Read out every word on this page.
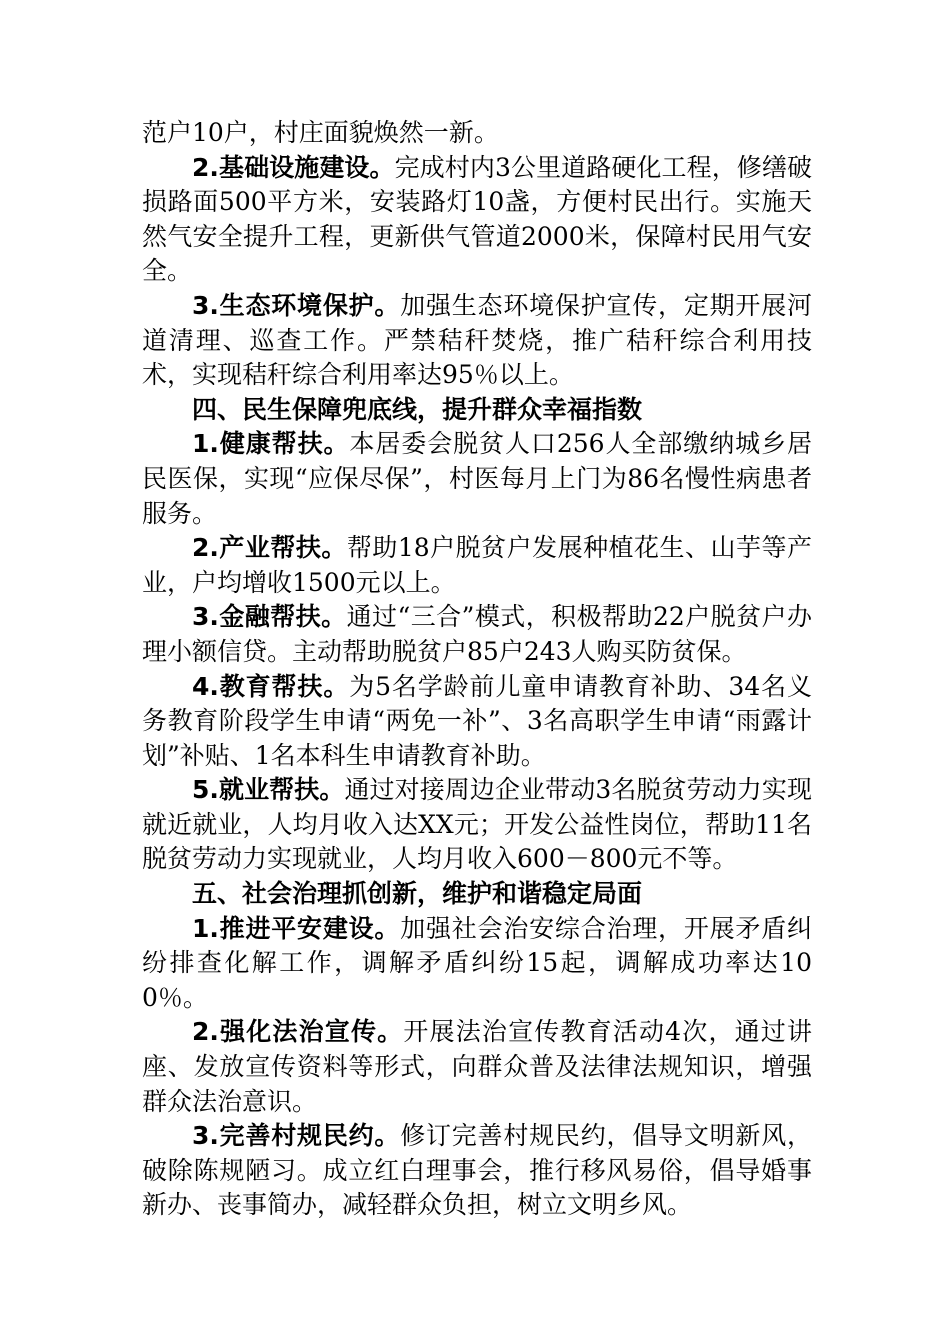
范户10户，村庄面貌焕然一新。

2.基础设施建设。完成村内3公里道路硬化工程，修缮破损路面500平方米，安装路灯10盏，方便村民出行。实施天然气安全提升工程，更新供气管道2000米，保障村民用气安全。

3.生态环境保护。加强生态环境保护宣传，定期开展河道清理、巡查工作。严禁秸秆焚烧，推广秸秆综合利用技术，实现秸秆综合利用率达95％以上。

四、民生保障兜底线，提升群众幸福指数

1.健康帮扶。本居委会脱贫人口256人全部缴纳城乡居民医保，实现“应保尽保”，村医每月上门为86名慢性病患者服务。

2.产业帮扶。帮助18户脱贫户发展种植花生、山芋等产业，户均增收1500元以上。

3.金融帮扶。通过“三合”模式，积极帮助22户脱贫户办理小额信贷。主动帮助脱贫户85户243人购买防贫保。

4.教育帮扶。为5名学龄前儿童申请教育补助、34名义务教育阶段学生申请“两免一补”、3名高职学生申请“雨露计划”补贴、1名本科生申请教育补助。

5.就业帮扶。通过对接周边企业带动3名脱贫劳动力实现就近就业，人均月收入达XX元；开发公益性岗位，帮助11名脱贫劳动力实现就业，人均月收入600－800元不等。

五、社会治理抓创新，维护和谐稳定局面

1.推进平安建设。加强社会治安综合治理，开展矛盾纠纷排查化解工作，调解矛盾纠纷15起，调解成功率达100％。

2.强化法治宣传。开展法治宣传教育活动4次，通过讲座、发放宣传资料等形式，向群众普及法律法规知识，增强群众法治意识。

3.完善村规民约。修订完善村规民约，倡导文明新风，破除陈规陋习。成立红白理事会，推行移风易俗，倡导婚事新办、丧事简办，减轻群众负担，树立文明乡风。
